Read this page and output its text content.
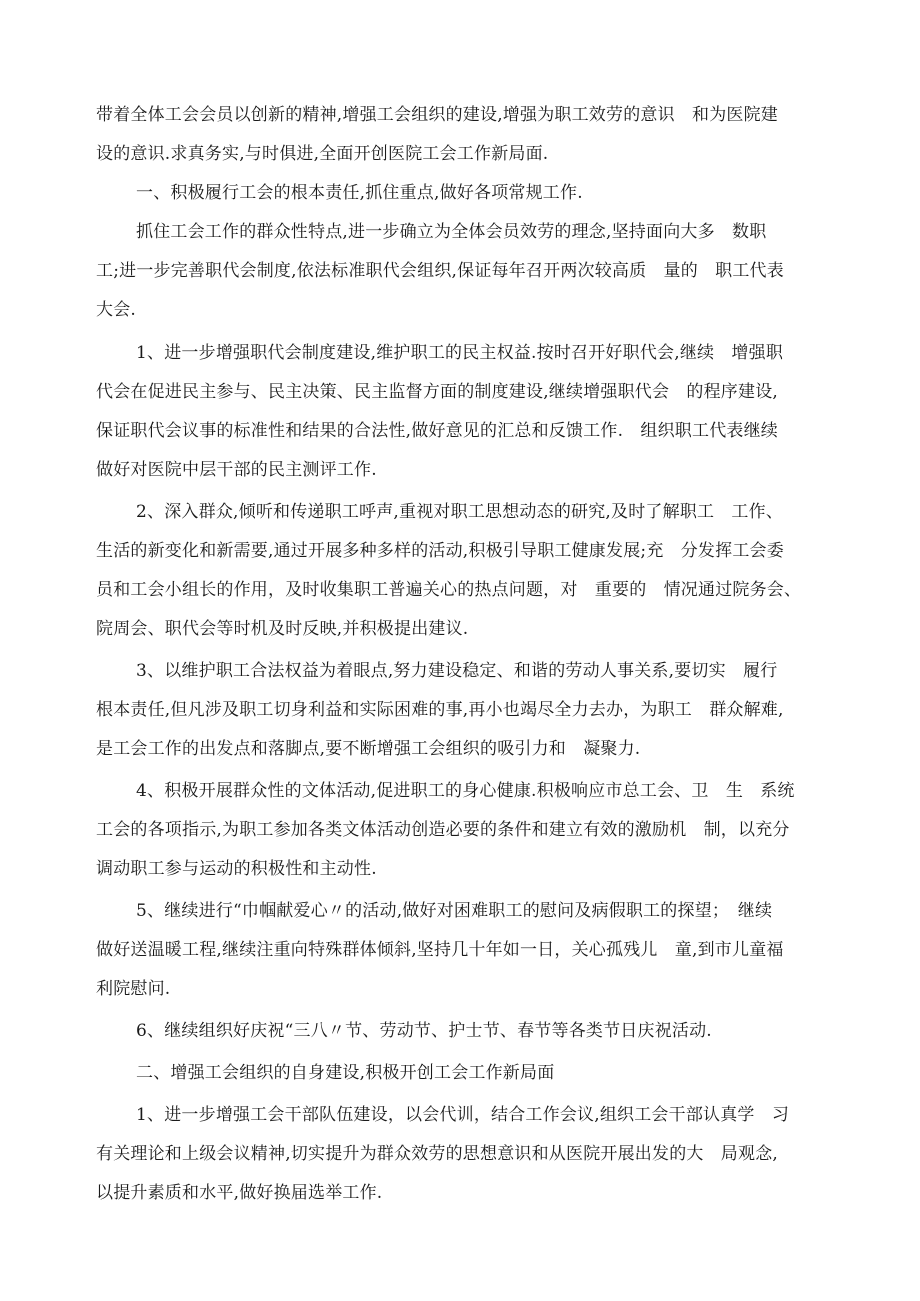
带着全体工会会员以创新的精神,增强工会组织的建设,增强为职工效劳的意识　和为医院建
设的意识.求真务实,与时俱进,全面开创医院工会工作新局面.
一、积极履行工会的根本责任,抓住重点,做好各项常规工作.
抓住工会工作的群众性特点,进一步确立为全体会员效劳的理念,坚持面向大多　数职
工;进一步完善职代会制度,依法标准职代会组织,保证每年召开两次较高质　量的　职工代表
大会.
1、进一步增强职代会制度建设,维护职工的民主权益.按时召开好职代会,继续　增强职
代会在促进民主参与、民主决策、民主监督方面的制度建设,继续增强职代会　的程序建设,
保证职代会议事的标准性和结果的合法性,做好意见的汇总和反馈工作.　组织职工代表继续
做好对医院中层干部的民主测评工作.
2、深入群众,倾听和传递职工呼声,重视对职工思想动态的研究,及时了解职工　工作、
生活的新变化和新需要,通过开展多种多样的活动,积极引导职工健康发展;充　分发挥工会委
员和工会小组长的作用，及时收集职工普遍关心的热点问题，对　重要的　情况通过院务会、
院周会、职代会等时机及时反映,并积极提出建议.
3、以维护职工合法权益为着眼点,努力建设稳定、和谐的劳动人事关系,要切实　履行
根本责任,但凡涉及职工切身利益和实际困难的事,再小也竭尽全力去办，为职工　群众解难,
是工会工作的出发点和落脚点,要不断增强工会组织的吸引力和　凝聚力.
4、积极开展群众性的文体活动,促进职工的身心健康.积极响应市总工会、卫　生　系统
工会的各项指示,为职工参加各类文体活动创造必要的条件和建立有效的激励机　制，以充分
调动职工参与运动的积极性和主动性.
5、继续进行“巾帼献爱心〃的活动,做好对困难职工的慰问及病假职工的探望；　继续
做好送温暖工程,继续注重向特殊群体倾斜,坚持几十年如一日，关心孤残儿　童,到市儿童福
利院慰问.
6、继续组织好庆祝“三八〃节、劳动节、护士节、春节等各类节日庆祝活动.
二、增强工会组织的自身建设,积极开创工会工作新局面
1、进一步增强工会干部队伍建设，以会代训，结合工作会议,组织工会干部认真学　习
有关理论和上级会议精神,切实提升为群众效劳的思想意识和从医院开展出发的大　局观念,
以提升素质和水平,做好换届选举工作.
